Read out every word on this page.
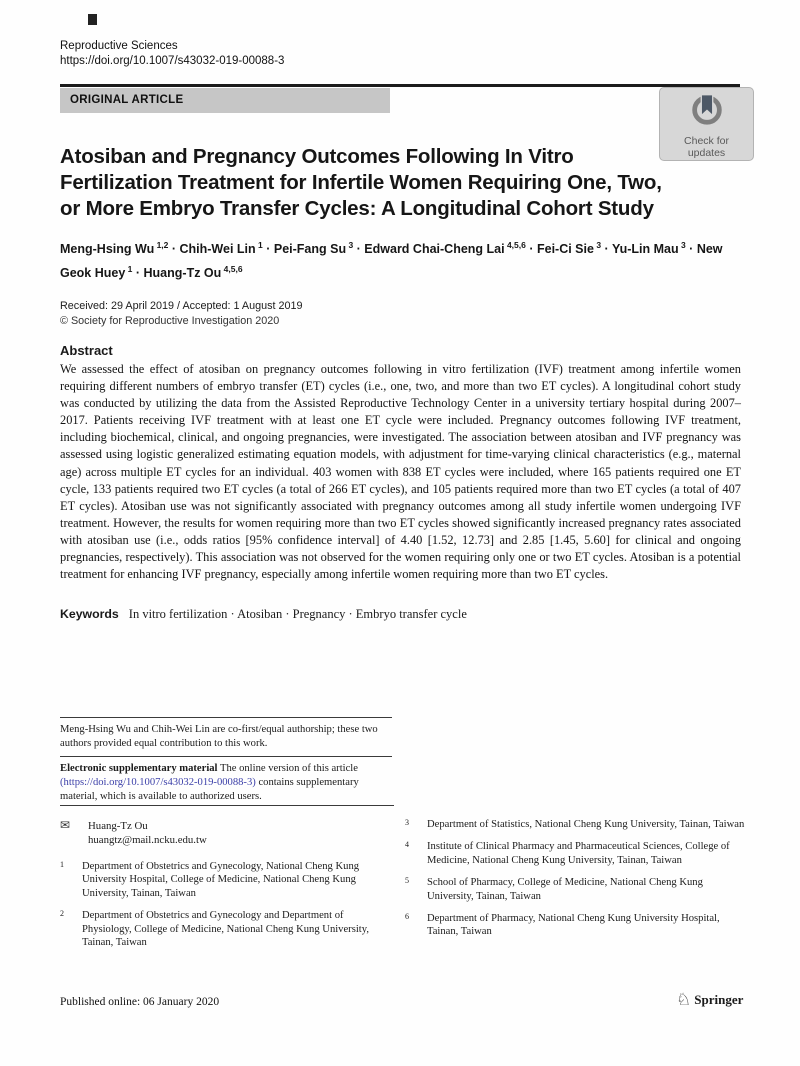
Reproductive Sciences
https://doi.org/10.1007/s43032-019-00088-3
ORIGINAL ARTICLE
Check for
updates
Atosiban and Pregnancy Outcomes Following In Vitro
Fertilization Treatment for Infertile Women Requiring One, Two,
or More Embryo Transfer Cycles: A Longitudinal Cohort Study
Meng-Hsing Wu $^{1,2}$ · Chih-Wei Lin $^1$ · Pei-Fang Su $^3$ · Edward Chai-Cheng Lai $^{4,5,6}$ · Fei-Ci Sie $^3$ · Yu-Lin Mau $^3$ · New Geok Huey $^1$ · Huang-Tz Ou $^{4,5,6}$
Received: 29 April 2019 / Accepted: 1 August 2019
© Society for Reproductive Investigation 2020
Abstract
We assessed the effect of atosiban on pregnancy outcomes following in vitro fertilization (IVF) treatment among infertile women requiring different numbers of embryo transfer (ET) cycles (i.e., one, two, and more than two ET cycles). A longitudinal cohort study was conducted by utilizing the data from the Assisted Reproductive Technology Center in a university tertiary hospital during 2007–2017. Patients receiving IVF treatment with at least one ET cycle were included. Pregnancy outcomes following IVF treatment, including biochemical, clinical, and ongoing pregnancies, were investigated. The association between atosiban and IVF pregnancy was assessed using logistic generalized estimating equation models, with adjustment for time-varying clinical characteristics (e.g., maternal age) across multiple ET cycles for an individual. 403 women with 838 ET cycles were included, where 165 patients required one ET cycle, 133 patients required two ET cycles (a total of 266 ET cycles), and 105 patients required more than two ET cycles (a total of 407 ET cycles). Atosiban use was not significantly associated with pregnancy outcomes among all study infertile women undergoing IVF treatment. However, the results for women requiring more than two ET cycles showed significantly increased pregnancy rates associated with atosiban use (i.e., odds ratios [95% confidence interval] of 4.40 [1.52, 12.73] and 2.85 [1.45, 5.60] for clinical and ongoing pregnancies, respectively). This association was not observed for the women requiring only one or two ET cycles. Atosiban is a potential treatment for enhancing IVF pregnancy, especially among infertile women requiring more than two ET cycles.
Keywords In vitro fertilization · Atosiban · Pregnancy · Embryo transfer cycle
Meng-Hsing Wu and Chih-Wei Lin are co-first/equal authorship; these two authors provided equal contribution to this work.
Electronic supplementary material The online version of this article (https://doi.org/10.1007/s43032-019-00088-3) contains supplementary material, which is available to authorized users.
✉	Huang-Tz Ou
huangtz@mail.ncku.edu.tw
1	Department of Obstetrics and Gynecology, National Cheng Kung University Hospital, College of Medicine, National Cheng Kung University, Tainan, Taiwan
2	Department of Obstetrics and Gynecology and Department of Physiology, College of Medicine, National Cheng Kung University, Tainan, Taiwan
3	Department of Statistics, National Cheng Kung University, Tainan, Taiwan
4	Institute of Clinical Pharmacy and Pharmaceutical Sciences, College of Medicine, National Cheng Kung University, Tainan, Taiwan
5	School of Pharmacy, College of Medicine, National Cheng Kung University, Tainan, Taiwan
6	Department of Pharmacy, National Cheng Kung University Hospital, Tainan, Taiwan
Published online: 06 January 2020	♘ Springer
